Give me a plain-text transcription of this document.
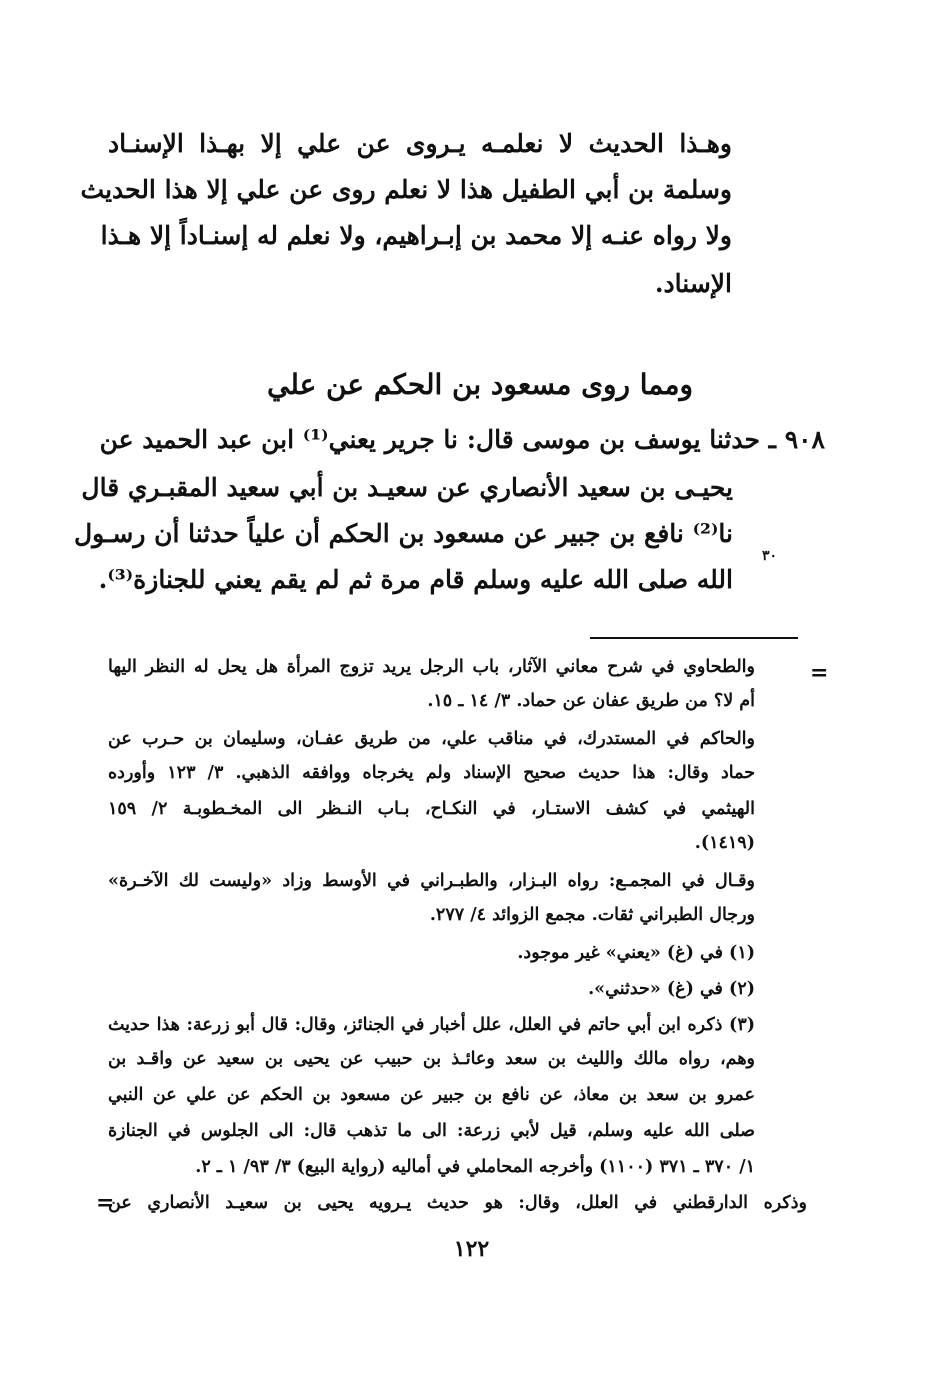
وهـذا الحديث لا نعلمـه يـروى عن علي إلا بهـذا الإسنـاد
وسلمة بن أبي الطفيل هذا لا نعلم روى عن علي إلا هذا الحديث
ولا رواه عنـه إلا محمد بن إبـراهيم، ولا نعلم له إسنـاداً إلا هـذا
الإسناد.
ومما روى مسعود بن الحكم عن علي
٩٠٨ ـ حدثنا يوسف بن موسى قال: نا جرير يعني⁽¹⁾ ابن عبد الحميد عن
يحيـى بن سعيد الأنصاري عن سعيـد بن أبي سعيد المقبـري قال
نا⁽²⁾ نافع بن جبير عن مسعود بن الحكم أن علياً حدثنا أن رسـول
الله صلى الله عليه وسلم قام مرة ثم لم يقم يعني للجنازة⁽³⁾.
٣٠
=
والطحاوي في شرح معاني الآثار، باب الرجل يريد تزوج المرأة هل يحل له النظر اليها
أم لا؟ من طريق عفان عن حماد. ٣/ ١٤ ـ ١٥.
والحاكم في المستدرك، في مناقب علي، من طريق عفـان، وسليمان بن حـرب عن
حماد وقال: هذا حديث صحيح الإسناد ولم يخرجاه ووافقه الذهبي. ٣/ ١٢٣ وأورده
الهيثمي في كشف الاستـار، في النكـاح، بـاب النـظر الى المخـطوبـة ٢/ ١٥٩
(١٤١٩).
وقـال في المجمـع: رواه البـزار، والطبـراني في الأوسط وزاد «وليست لك الآخـرة»
ورجال الطبراني ثقات. مجمع الزوائد ٤/ ٢٧٧.
(١) في (غ) «يعني» غير موجود.
(٢) في (غ) «حدثني».
(٣) ذكره ابن أبي حاتم في العلل، علل أخبار في الجنائز، وقال: قال أبو زرعة: هذا حديث
وهم، رواه مالك والليث بن سعد وعائـذ بن حبيب عن يحيى بن سعيد عن واقـد بن
عمرو بن سعد بن معاذ، عن نافع بن جبير عن مسعود بن الحكم عن علي عن النبي
صلى الله عليه وسلم، قيل لأبي زرعة: الى ما تذهب قال: الى الجلوس في الجنازة
١/ ٣٧٠ ـ ٣٧١ (١١٠٠) وأخرجه المحاملي في أماليه (رواية البيع) ٣/ ٩٣/ ١ ـ ٢.
وذكره الدارقطني في العلل، وقال: هو حديث يـرويه يحيى بن سعيـد الأنصاري عن
=
١٢٢
